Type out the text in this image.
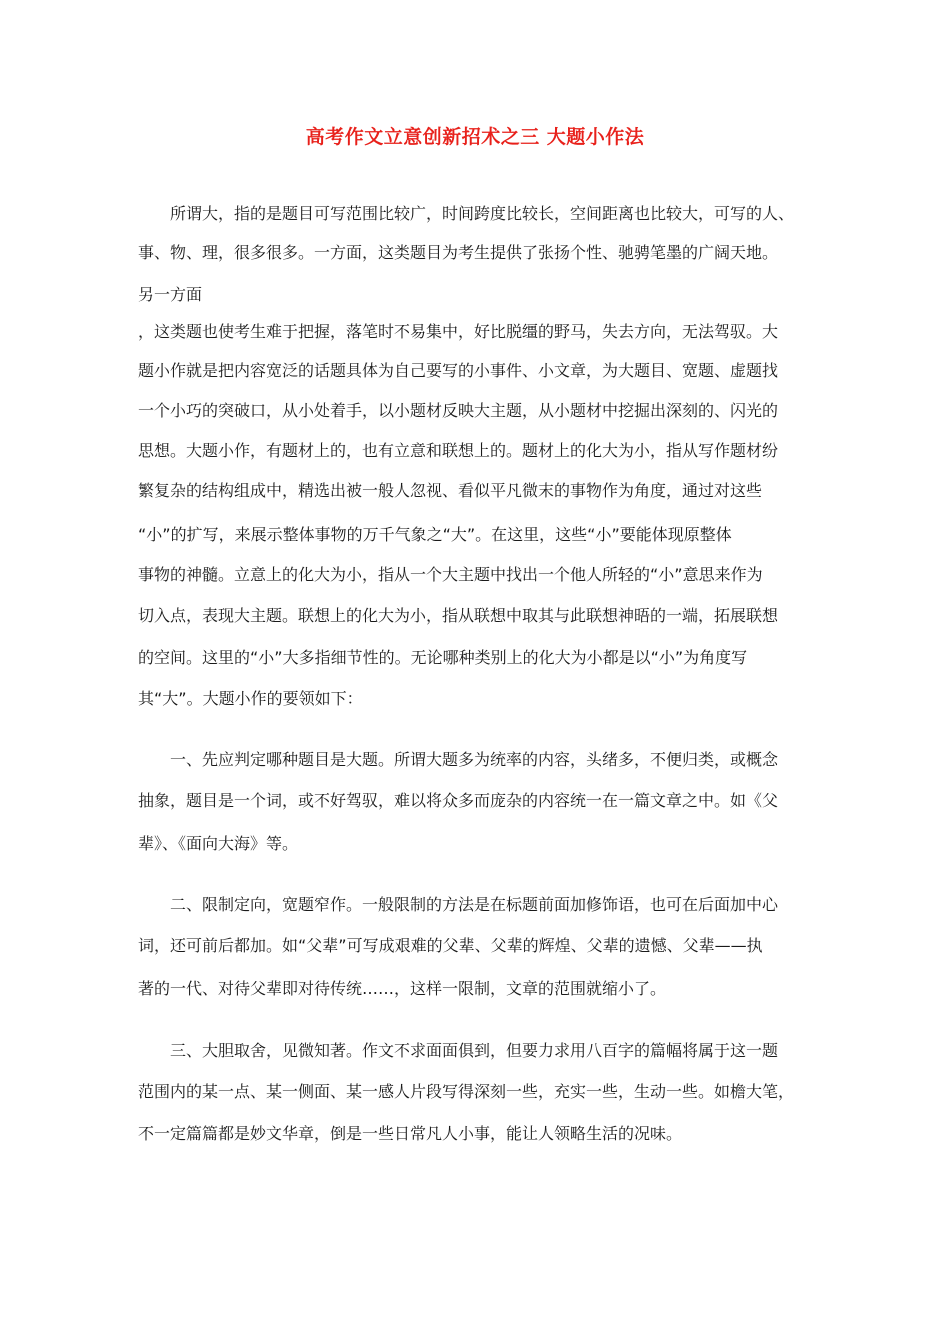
高考作文立意创新招术之三 大题小作法
所谓大，指的是题目可写范围比较广，时间跨度比较长，空间距离也比较大，可写的人、
事、物、理，很多很多。一方面，这类题目为考生提供了张扬个性、驰骋笔墨的广阔天地。
另一方面
，这类题也使考生难于把握，落笔时不易集中，好比脱缰的野马，失去方向，无法驾驭。大
题小作就是把内容宽泛的话题具体为自己要写的小事件、小文章，为大题目、宽题、虚题找
一个小巧的突破口，从小处着手，以小题材反映大主题，从小题材中挖掘出深刻的、闪光的
思想。大题小作，有题材上的，也有立意和联想上的。题材上的化大为小，指从写作题材纷
繁复杂的结构组成中，精选出被一般人忽视、看似平凡微末的事物作为角度，通过对这些
“小”的扩写，来展示整体事物的万千气象之“大”。在这里，这些“小”要能体现原整体
事物的神髓。立意上的化大为小，指从一个大主题中找出一个他人所轻的“小”意思来作为
切入点，表现大主题。联想上的化大为小，指从联想中取其与此联想神晤的一端，拓展联想
的空间。这里的“小”大多指细节性的。无论哪种类别上的化大为小都是以“小”为角度写
其“大”。大题小作的要领如下：
一、先应判定哪种题目是大题。所谓大题多为统率的内容，头绪多，不便归类，或概念
抽象，题目是一个词，或不好驾驭，难以将众多而庞杂的内容统一在一篇文章之中。如《父
辈》、《面向大海》等。
二、限制定向，宽题窄作。一般限制的方法是在标题前面加修饰语，也可在后面加中心
词，还可前后都加。如“父辈”可写成艰难的父辈、父辈的辉煌、父辈的遗憾、父辈——执
著的一代、对待父辈即对待传统……，这样一限制，文章的范围就缩小了。
三、大胆取舍，见微知著。作文不求面面俱到，但要力求用八百字的篇幅将属于这一题
范围内的某一点、某一侧面、某一感人片段写得深刻一些，充实一些，生动一些。如檐大笔，
不一定篇篇都是妙文华章，倒是一些日常凡人小事，能让人领略生活的况味。
